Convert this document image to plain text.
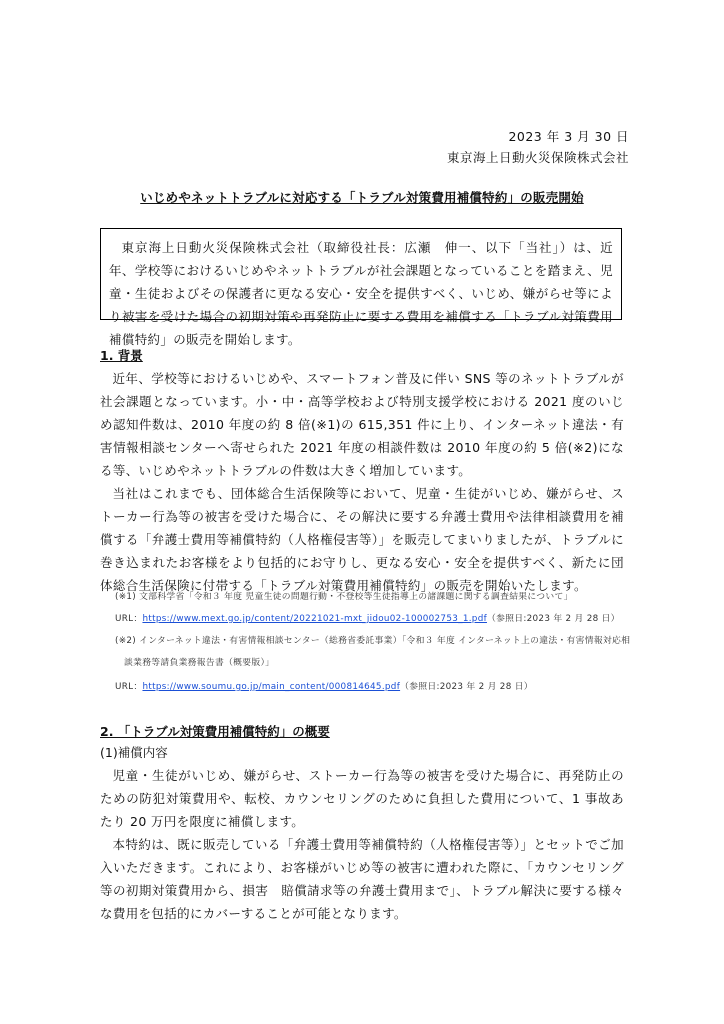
2023 年 3 月 30 日
東京海上日動火災保険株式会社
いじめやネットトラブルに対応する「トラブル対策費用補償特約」の販売開始

東京海上日動火災保険株式会社（取締役社長：広瀬　伸一、以下「当社」）は、近年、学校等におけるいじめやネットトラブルが社会課題となっていることを踏まえ、児童・生徒およびその保護者に更なる安心・安全を提供すべく、いじめ、嫌がらせ等により被害を受けた場合の初期対策や再発防止に要する費用を補償する「トラブル対策費用補償特約」の販売を開始します。

1. 背景

近年、学校等におけるいじめや、スマートフォン普及に伴い SNS 等のネットトラブルが社会課題となっています。小・中・高等学校および特別支援学校における 2021 度のいじめ認知件数は、2010 年度の約 8 倍(※1)の 615,351 件に上り、インターネット違法・有害情報相談センターへ寄せられた 2021 年度の相談件数は 2010 年度の約 5 倍(※2)になる等、いじめやネットトラブルの件数は大きく増加しています。

当社はこれまでも、団体総合生活保険等において、児童・生徒がいじめ、嫌がらせ、ストーカー行為等の被害を受けた場合に、その解決に要する弁護士費用や法律相談費用を補償する「弁護士費用等補償特約（人格権侵害等）」を販売してまいりましたが、トラブルに巻き込まれたお客様をより包括的にお守りし、更なる安心・安全を提供すべく、新たに団体総合生活保険に付帯する「トラブル対策費用補償特約」の販売を開始いたします。

(※1) 文部科学省「令和３ 年度 児童生徒の問題行動・不登校等生徒指導上の諸課題に関する調査結果について」
URL：https://www.mext.go.jp/content/20221021-mxt_jidou02-100002753_1.pdf（参照日:2023 年 2 月 28 日）
(※2) インターネット違法・有害情報相談センター（総務省委託事業）「令和３ 年度 インターネット上の違法・有害情報対応相
談業務等請負業務報告書（概要版）」
URL：https://www.soumu.go.jp/main_content/000814645.pdf（参照日:2023 年 2 月 28 日）
2. 「トラブル対策費用補償特約」の概要
(1)補償内容

児童・生徒がいじめ、嫌がらせ、ストーカー行為等の被害を受けた場合に、再発防止のための防犯対策費用や、転校、カウンセリングのために負担した費用について、1 事故あたり 20 万円を限度に補償します。

本特約は、既に販売している「弁護士費用等補償特約（人格権侵害等）」とセットでご加入いただきます。これにより、お客様がいじめ等の被害に遭われた際に、「カウンセリング等の初期対策費用から、損害　賠償請求等の弁護士費用まで」、トラブル解決に要する様々な費用を包括的にカバーすることが可能となります。
